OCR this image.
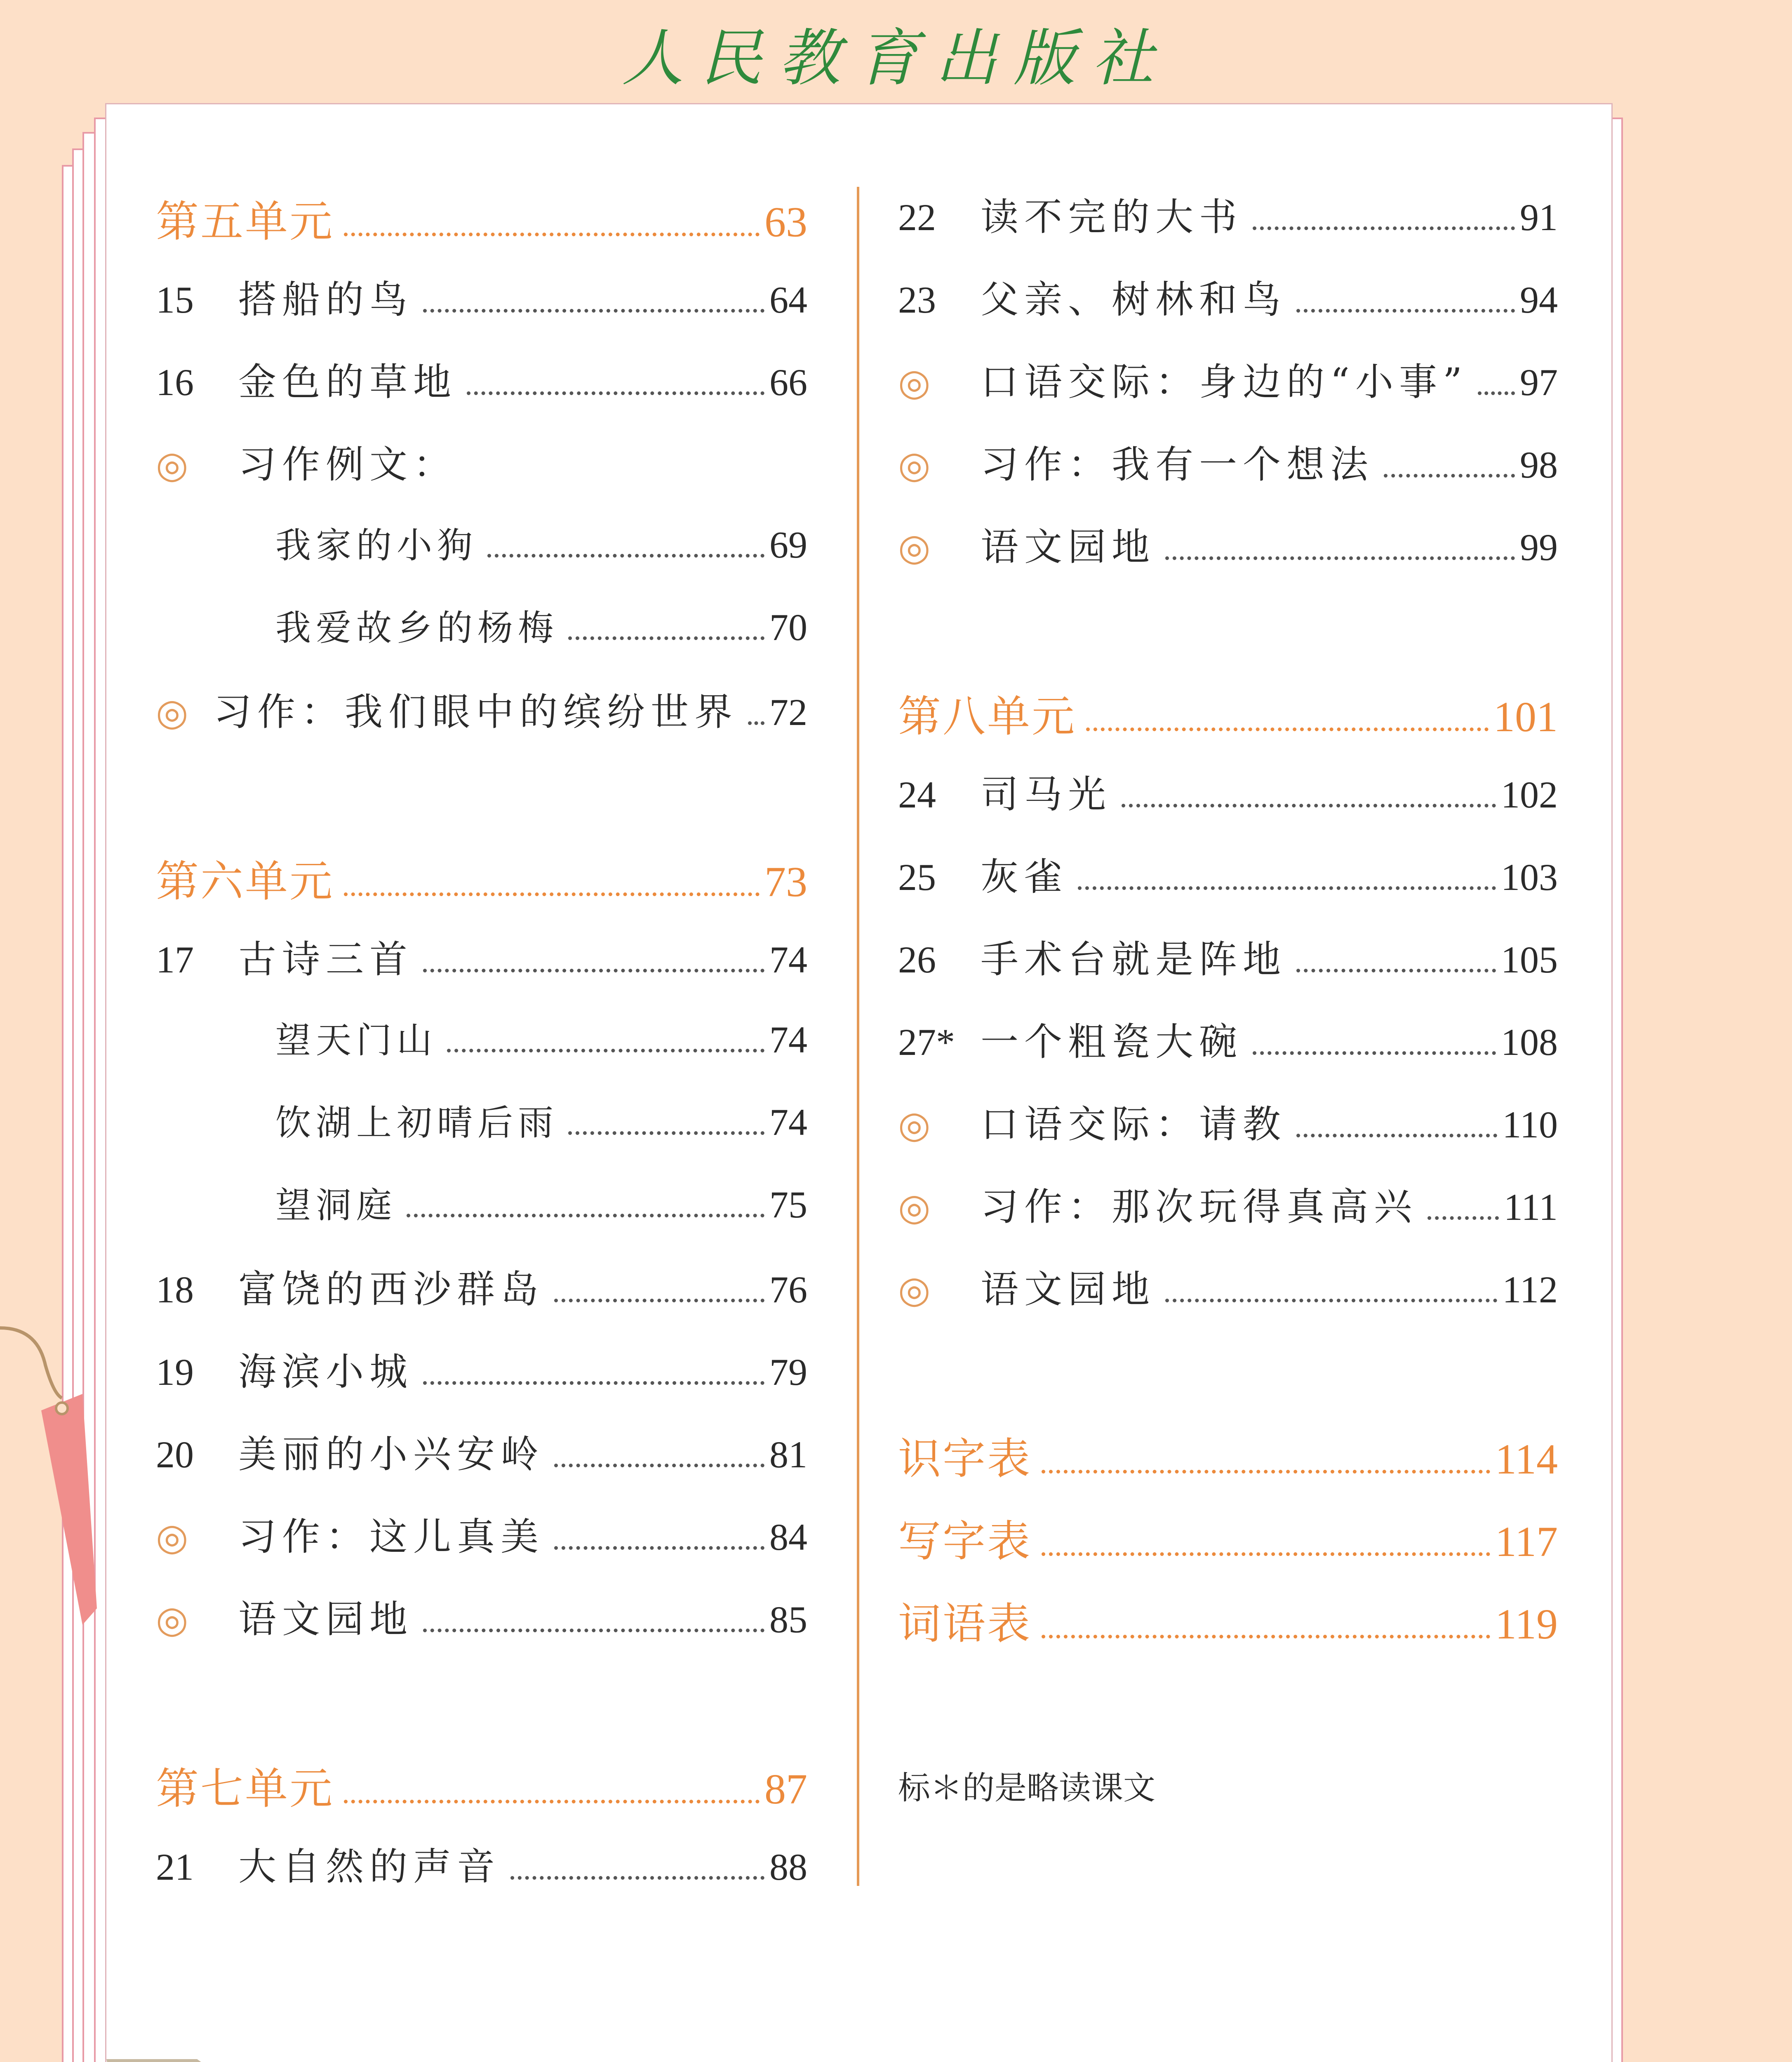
人民教育出版社
第五单元	63
15	搭船的鸟	64
16	金色的草地	66
◎	习作例文：
我家的小狗	69
我爱故乡的杨梅	70
◎ 习作：我们眼中的缤纷世界 72
第六单元	73
17	古诗三首	74
望天门山	74
饮湖上初晴后雨	74
望洞庭	75
18	富饶的西沙群岛	76
19	海滨小城	79
20	美丽的小兴安岭	81
◎	习作：这儿真美	84
◎	语文园地	85
第七单元	87
21	大自然的声音	88
22	读不完的大书	91
23	父亲、树林和鸟	94
◎	口语交际：身边的“小事” 97
◎	习作：我有一个想法	98
◎	语文园地	99
第八单元	101
24	司马光	102
25	灰雀	103
26	手术台就是阵地	105
27* 一个粗瓷大碗	108
◎	口语交际：请教	110
◎	习作：那次玩得真高兴 111
◎	语文园地	112
识字表	114
写字表	117
词语表	119
标＊的是略读课文
